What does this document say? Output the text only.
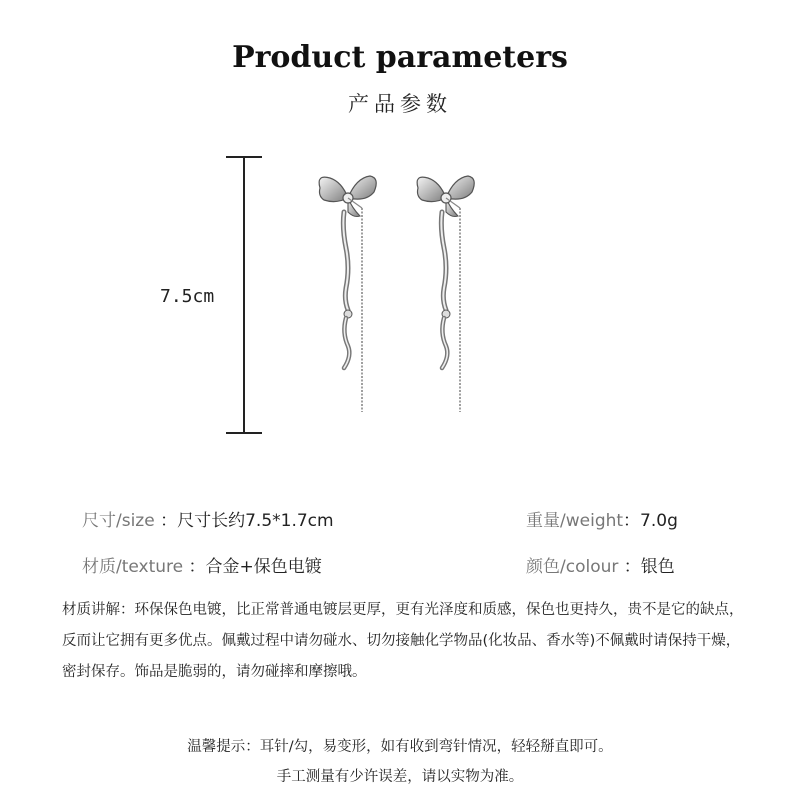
Product parameters
产品参数
7.5cm
尺寸/size ：尺寸长约7.5*1.7cm	重量/weight：7.0g
材质/texture ：合金+保色电镀	颜色/colour ：银色
材质讲解：环保保色电镀，比正常普通电镀层更厚，更有光泽度和质感，保色也更持久，贵不是它的缺点，反而让它拥有更多优点。佩戴过程中请勿碰水、切勿接触化学物品(化妆品、香水等)不佩戴时请保持干燥，密封保存。饰品是脆弱的，请勿碰摔和摩擦哦。
温馨提示：耳针/勾，易变形，如有收到弯针情况，轻轻掰直即可。
手工测量有少许误差，请以实物为准。
